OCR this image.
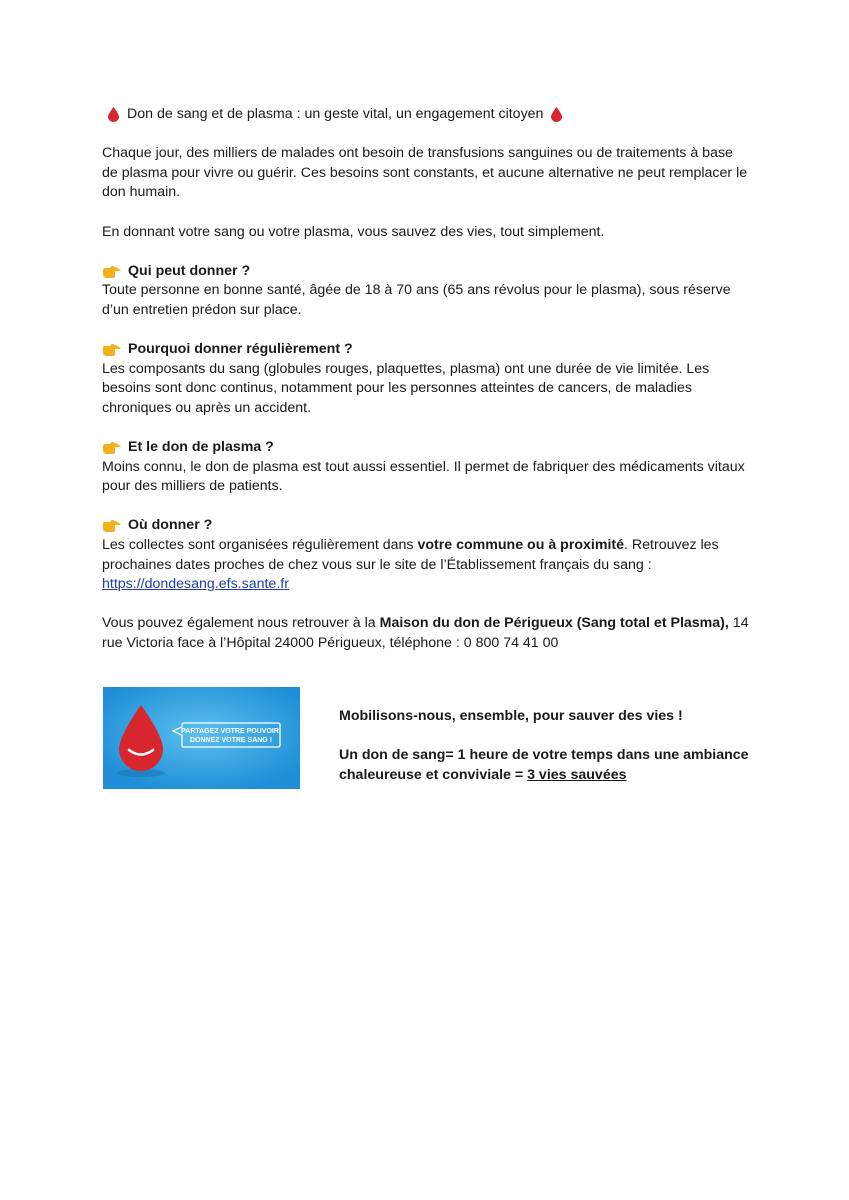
Don de sang et de plasma : un geste vital, un engagement citoyen

Chaque jour, des milliers de malades ont besoin de transfusions sanguines ou de traitements à base de plasma pour vivre ou guérir. Ces besoins sont constants, et aucune alternative ne peut remplacer le don humain.

En donnant votre sang ou votre plasma, vous sauvez des vies, tout simplement.

Qui peut donner ?

Toute personne en bonne santé, âgée de 18 à 70 ans (65 ans révolus pour le plasma), sous réserve d’un entretien prédon sur place.

Pourquoi donner régulièrement ?

Les composants du sang (globules rouges, plaquettes, plasma) ont une durée de vie limitée. Les besoins sont donc continus, notamment pour les personnes atteintes de cancers, de maladies chroniques ou après un accident.

Et le don de plasma ?

Moins connu, le don de plasma est tout aussi essentiel. Il permet de fabriquer des médicaments vitaux pour des milliers de patients.

Où donner ?

Les collectes sont organisées régulièrement dans votre commune ou à proximité. Retrouvez les prochaines dates proches de chez vous sur le site de l’Établissement français du sang :

https://dondesang.efs.sante.fr

Vous pouvez également nous retrouver à la Maison du don de Périgueux (Sang total et Plasma), 14 rue Victoria face à l’Hôpital 24000 Périgueux, téléphone : 0 800 74 41 00

PARTAGEZ VOTRE POUVOIR,
DONNEZ VOTRE SANG !

Mobilisons-nous, ensemble, pour sauver des vies !

Un don de sang= 1 heure de votre temps dans une ambiance chaleureuse et conviviale = 3 vies sauvées
